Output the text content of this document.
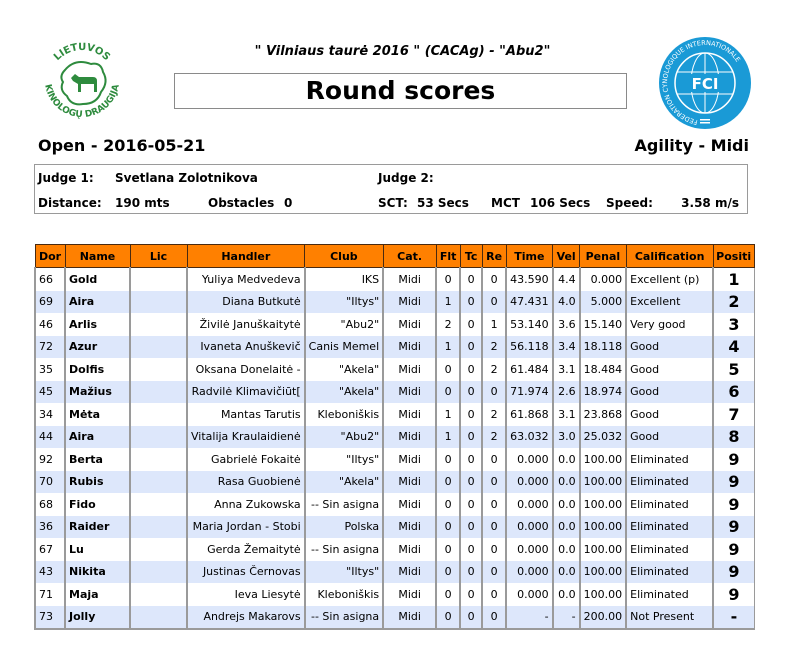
LIETUVOS
KINOLOGŲ DRAUGIJA
" Vilniaus taurė 2016 " (CACAg) - "Abu2"
Round scores	FCI
FEDERATION CYNOLOGIQUE INTERNATIONALE
Open - 2016-05-21	Agility - Midi
Judge 1: Svetlana Zolotnikova	Judge 2:
Distance: 190 mts	Obstacles 0	SCT: 53 Secs MCT 106 Secs Speed: 3.58 m/s
Dor	Name	Lic	Handler	Club	Cat.	Flt	Tc	Re	Time	Vel	Penal	Calification	Positi
66	Gold		Yuliya Medvedeva	IKS	Midi	0	0	0	43.590	4.4	0.000	Excellent (p)	1
69	Aira		Diana Butkutė	"Iltys"	Midi	1	0	0	47.431	4.0	5.000	Excellent	2
46	Arlis		Živilė Januškaitytė	"Abu2"	Midi	2	0	1	53.140	3.6	15.140	Very good	3
72	Azur		Ivaneta Anuškevič	Canis Memel	Midi	1	0	2	56.118	3.4	18.118	Good	4
35	Dolfis		Oksana Donelaitė -	"Akela"	Midi	0	0	2	61.484	3.1	18.484	Good	5
45	Mažius		Radvilė Klimavičiūt[	"Akela"	Midi	0	0	0	71.974	2.6	18.974	Good	6
34	Mėta		Mantas Tarutis	Kleboniškis	Midi	1	0	2	61.868	3.1	23.868	Good	7
44	Aira		Vitalija Kraulaidienė	"Abu2"	Midi	1	0	2	63.032	3.0	25.032	Good	8
92	Berta		Gabrielė Fokaitė	"Iltys"	Midi	0	0	0	0.000	0.0	100.00	Eliminated	9
70	Rubis		Rasa Guobienė	"Akela"	Midi	0	0	0	0.000	0.0	100.00	Eliminated	9
68	Fido		Anna Zukowska	-- Sin asigna	Midi	0	0	0	0.000	0.0	100.00	Eliminated	9
36	Raider		Maria Jordan - Stobi	Polska	Midi	0	0	0	0.000	0.0	100.00	Eliminated	9
67	Lu		Gerda Žemaitytė	-- Sin asigna	Midi	0	0	0	0.000	0.0	100.00	Eliminated	9
43	Nikita		Justinas Černovas	"Iltys"	Midi	0	0	0	0.000	0.0	100.00	Eliminated	9
71	Maja		Ieva Liesytė	Kleboniškis	Midi	0	0	0	0.000	0.0	100.00	Eliminated	9
73	Jolly		Andrejs Makarovs	-- Sin asigna	Midi	0	0	0	-	-	200.00	Not Present	-
